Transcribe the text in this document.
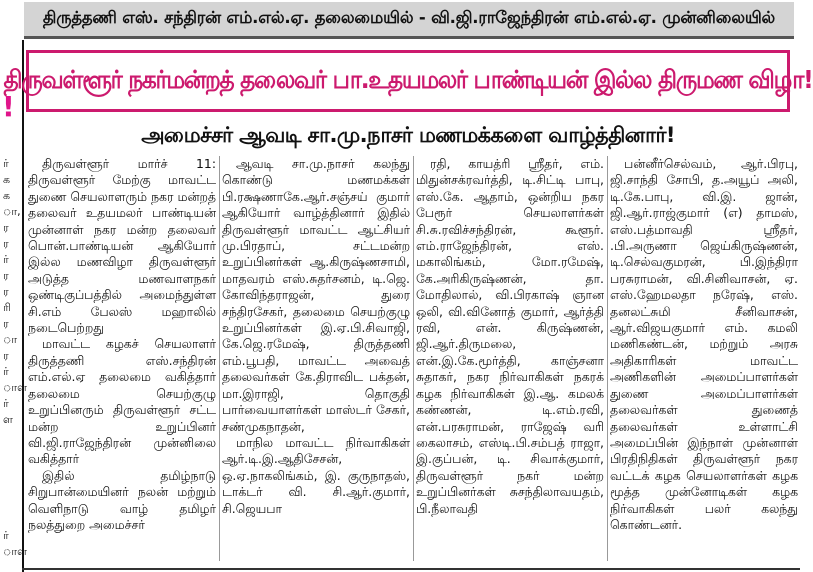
திருத்தணி எஸ். சந்திரன் எம்.எல்.ஏ. தலைமையில் - வி.ஜி.ராஜேந்திரன் எம்.எல்.ஏ. முன்னிலையில்
!
ர்
க
க
ா,
ர
ர
ர்
ர
ர
ரி
ர
ா
ர
ர்
ாள
ர்
ள
ர்
ாள
திருவள்ளூர் நகர்மன்றத் தலைவர் பா.உதயமலர் பாண்டியன் இல்ல திருமண விழா!
அமைச்சர் ஆவடி சா.மு.நாசர் மணமக்களை வாழ்த்தினார்!

திருவள்ளூர் மார்ச் 11: திருவள்ளூர் மேற்கு மாவட்ட துணை செயலாளரும் நகர மன்றத் தலைவர் உதயமலர் பாண்டியன் முன்னாள் நகர மன்ற தலைவர் பொன்.பாண்டியன் ஆகியோர் இல்ல மணவிழா திருவள்ளூர் அடுத்த மணவாளநகர் ஒண்டிகுப்பத்தில் அமைந்துள்ள சி.எம் பேலஸ் மஹாலில் நடைபெற்றது

மாவட்ட கழகச் செயலாளர் திருத்தணி எஸ்.சந்திரன் எம்.எல்.ஏ தலைமை வகித்தார் தலைமை செயற்குழு உறுப்பினரும் திருவள்ளூர் சட்ட மன்ற உறுப்பினர் வி.ஜி.ராஜேந்திரன் முன்னிலை வகித்தார்

இதில் தமிழ்நாடு சிறுபான்மையினர் நலன் மற்றும் வெளிநாடு வாழ் தமிழர் நலத்துறை அமைச்சர்

ஆவடி சா.மு.நாசர் கலந்து கொண்டு மணமக்கள் பி.ரக்ஷணாகே.ஆர்.சஞ்சய் குமார் ஆகியோர் வாழ்த்தினார் இதில் திருவள்ளூர் மாவட்ட ஆட்சியர் மு.பிரதாப், சட்டமன்ற உறுப்பினர்கள் ஆ.கிருஷ்ணசாமி, மாதவரம் எஸ்.சுதர்சனம், டி.ஜெ. கோவிந்தராஜன், துரை சந்திரசேகர், தலைமை செயற்குழு உறுப்பினர்கள் இ.ஏ.பி.சிவாஜி, கே.ஜெ.ரமேஷ், திருத்தணி எம்.பூபதி, மாவட்ட அவைத் தலைவர்கள் கே.திராவிட பக்தன், மா.இராஜி, தொகுதி பார்வையாளர்கள் மாஸ்டர் சேகர், சண்முகநாதன்,

மாநில மாவட்ட நிர்வாகிகள் ஆர்.டி.இ.ஆதிசேசன், ஒ.ஏ.நாகலிங்கம், இ. குருநாதஸ், டாக்டர் வி. சி.ஆர்.குமார், சி.ஜெயபா

ரதி, காயத்ரி ஸ்ரீதர், எம். மிதுன்சக்ரவர்த்தி, டி.சிட்டி பாபு, எஸ்.கே. ஆதாம், ஒன்றிய நகர பேரூர் செயலாளர்கள் சி.சு.ரவிச்சந்திரன், கூளூர். எம்.ராஜேந்திரன், எஸ். மகாலிங்கம், மோ.ரமேஷ், கே.அரிகிருஷ்ணன், தா. மோதிலால், வி.பிரகாஷ் ஞான ஒலி, வி.வினோத் குமார், ஆர்த்தி ரவி, என். கிருஷ்ணன், ஜி.ஆர்.திருமலை, என்.இ.கே.மூர்த்தி, காஞ்சனா சுதாகர், நகர நிர்வாகிகள் நகரக் கழக நிர்வாகிகள் இ.ஆ. கமலக் கண்ணன், டி.எம்.ரவி, என்.பரசுராமன், ராஜேஷ் வரி கைலாசம், எஸ்டி.பி.சம்பத் ராஜா, இ.குப்பன், டி. சிவாக்குமார், திருவள்ளூர் நகர் மன்ற உறுப்பினர்கள் சுசந்திலாவயதம், பி.நீலாவதி

பன்னீர்செல்வம், ஆர்.பிரபு, ஜி.சாந்தி சோபி, த.அயூப் அலி, டி.கே.பாபு, வி.இ. ஜான், ஜி.ஆர்.ராஜ்குமார் (எ) தாமஸ், எஸ்.பத்மாவதி ஸ்ரீதர், .பி.அருணா ஜெய்கிருஷ்ணன், டி.செல்வகுமரன், பி.இந்திரா பரசுராமன், வி.சினிவாசன், ஏ. எஸ்.ஹேமலதா நரேஷ், எஸ். தனலட்சுமி சீனிவாசன், ஆர்.விஜயகுமார் எம். கமலி மணிகண்டன், மற்றும் அரசு அதிகாரிகள் மாவட்ட அணிகளின் அமைப்பாளர்கள் துணை அமைப்பாளர்கள் தலைவர்கள் துணைத் தலைவர்கள் உள்ளாட்சி அமைப்பின் இந்நாள் முன்னாள் பிரதிநிதிகள் திருவள்ளூர் நகர வட்டக் கழக செயலாளர்கள் கழக மூத்த முன்னோடிகள் கழக நிர்வாகிகள் பலர் கலந்து கொண்டனர்.
